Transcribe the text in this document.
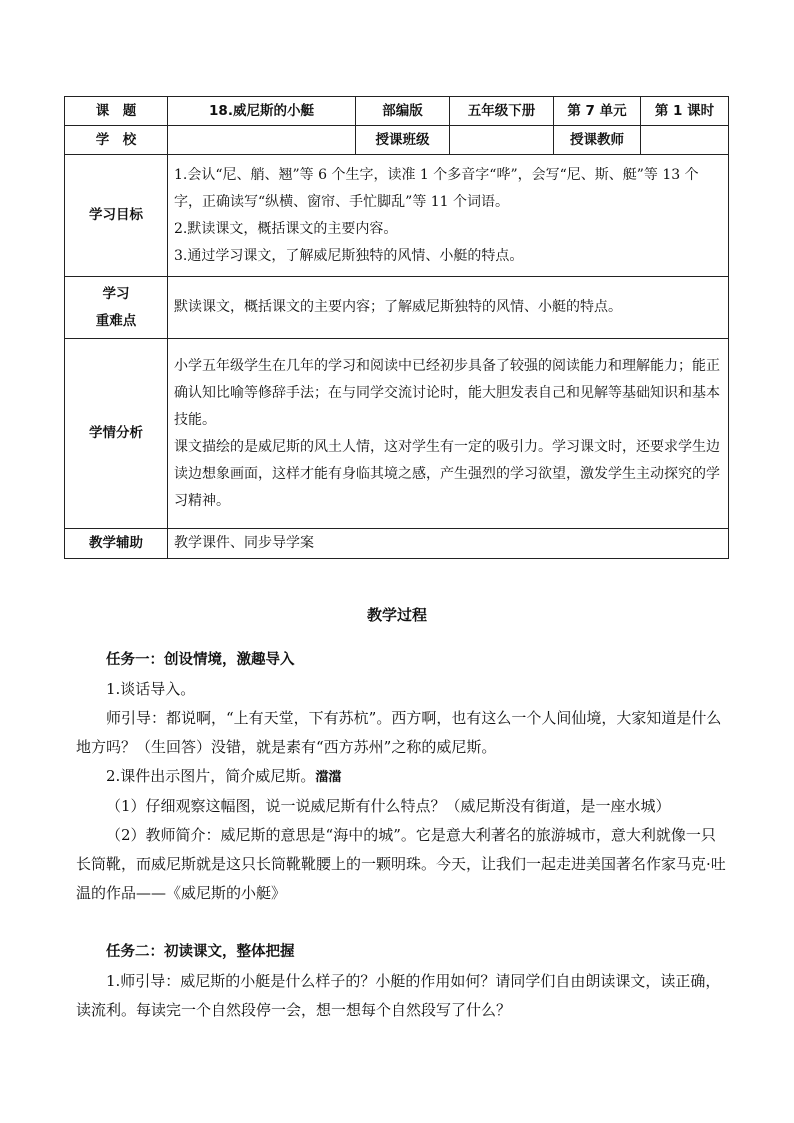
课　题	18.威尼斯的小艇	部编版	五年级下册	第 7 单元	第 1 课时
学　校		授课班级		授课教师	
学习目标	1.会认“尼、艄、翘”等 6 个生字，读准 1 个多音字“哗”，会写“尼、斯、艇”等 13 个字，正确读写“纵横、窗帘、手忙脚乱”等 11 个词语。

2.默读课文，概括课文的主要内容。

3.通过学习课文，了解威尼斯独特的风情、小艇的特点。				

学习
重难点	默读课文，概括课文的主要内容；了解威尼斯独特的风情、小艇的特点。				
学情分析	小学五年级学生在几年的学习和阅读中已经初步具备了较强的阅读能力和理解能力；能正确认知比喻等修辞手法；在与同学交流讨论时，能大胆发表自己和见解等基础知识和基本技能。

课文描绘的是威尼斯的风土人情，这对学生有一定的吸引力。学习课文时，还要求学生边读边想象画面，这样才能有身临其境之感，产生强烈的学习欲望，激发学生主动探究的学习精神。				

教学辅助	教学课件、同步导学案				
教学过程

任务一：创设情境，激趣导入

1.谈话导入。

师引导：都说啊，“上有天堂，下有苏杭”。西方啊，也有这么一个人间仙境，大家知道是什么地方吗？（生回答）没错，就是素有“西方苏州”之称的威尼斯。

2.课件出示图片，简介威尼斯。澢澢

（1）仔细观察这幅图，说一说威尼斯有什么特点？（威尼斯没有街道，是一座水城）

（2）教师简介：威尼斯的意思是“海中的城”。它是意大利著名的旅游城市，意大利就像一只长筒靴，而威尼斯就是这只长筒靴靴腰上的一颗明珠。今天，让我们一起走进美国著名作家马克·吐温的作品——《威尼斯的小艇》

任务二：初读课文，整体把握

1.师引导：威尼斯的小艇是什么样子的？小艇的作用如何？请同学们自由朗读课文，读正确，读流利。每读完一个自然段停一会，想一想每个自然段写了什么？
